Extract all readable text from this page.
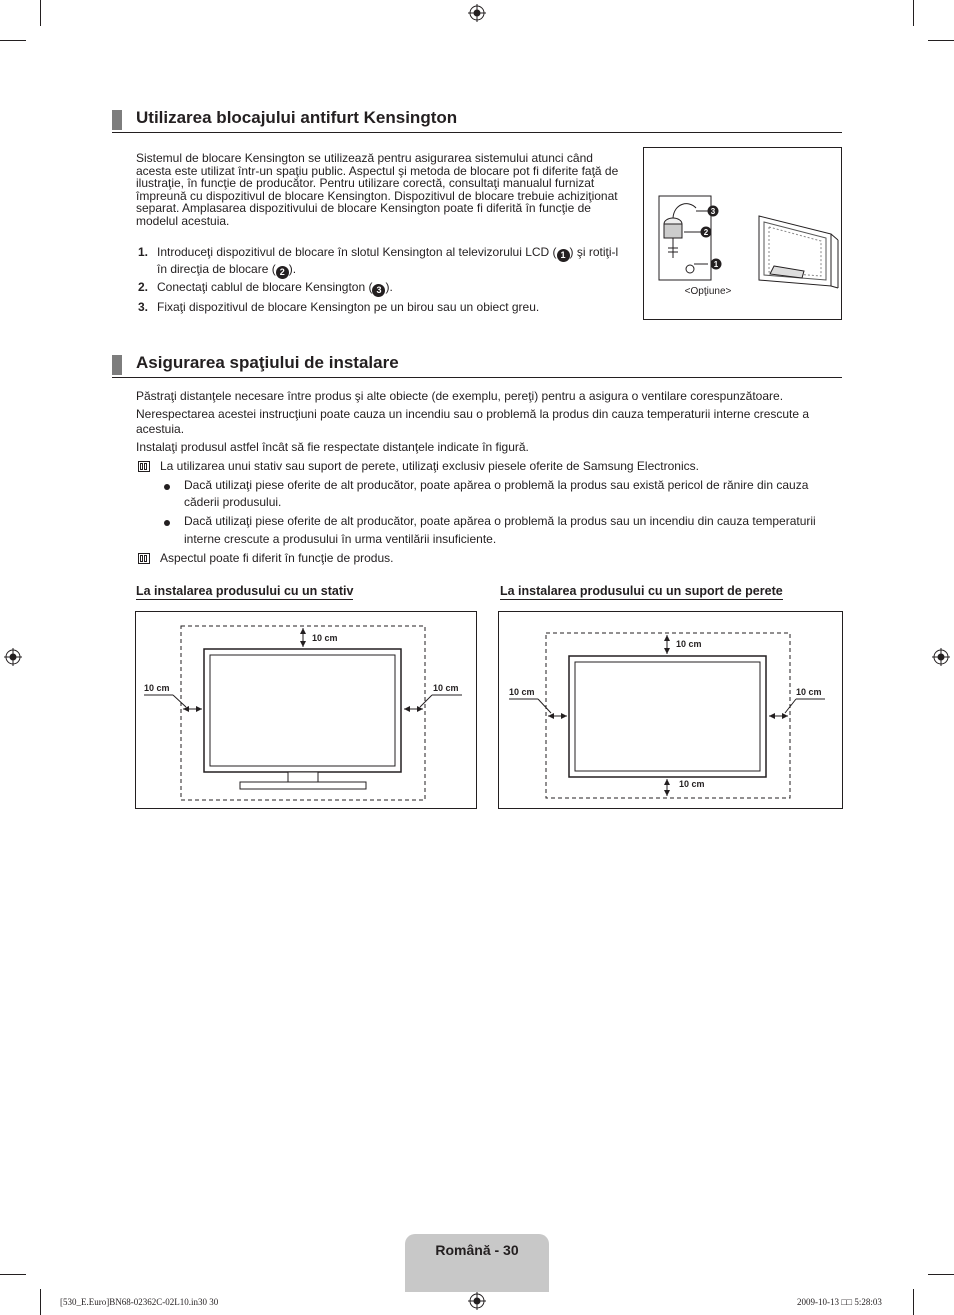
Utilizarea blocajului antifurt Kensington
Sistemul de blocare Kensington se utilizează pentru asigurarea sistemului atunci când acesta este utilizat într-un spaţiu public. Aspectul şi metoda de blocare pot fi diferite faţă de ilustraţie, în funcţie de producător. Pentru utilizare corectă, consultaţi manualul furnizat împreună cu dispozitivul de blocare Kensington. Dispozitivul de blocare trebuie achiziţionat separat. Amplasarea dispozitivului de blocare Kensington poate fi diferită în funcţie de modelul acestuia.
1. Introduceţi dispozitivul de blocare în slotul Kensington al televizorului LCD ( 1 ) şi rotiţi-l
în direcţia de blocare ( 2 ).
2. Conectaţi cablul de blocare Kensington ( 3 ).
3. Fixaţi dispozitivul de blocare Kensington pe un birou sau un obiect greu.
3
2
1
<Opţiune>
Asigurarea spaţiului de instalare
Păstraţi distanţele necesare între produs şi alte obiecte (de exemplu, pereţi) pentru a asigura o ventilare corespunzătoare.
Nerespectarea acestei instrucţiuni poate cauza un incendiu sau o problemă la produs din cauza temperaturii interne crescute a
acestuia.
Instalaţi produsul astfel încât să fie respectate distanţele indicate în figură.
La utilizarea unui stativ sau suport de perete, utilizaţi exclusiv piesele oferite de Samsung Electronics.
Dacă utilizaţi piese oferite de alt producător, poate apărea o problemă la produs sau există pericol de rănire din cauza
căderii produsului.
Dacă utilizaţi piese oferite de alt producător, poate apărea o problemă la produs sau un incendiu din cauza temperaturii
interne crescute a produsului în urma ventilării insuficiente.
Aspectul poate fi diferit în funcţie de produs.
La instalarea produsului cu un stativ	La instalarea produsului cu un suport de perete
10 cm
10 cm	10 cm
10 cm
10 cm	10 cm
10 cm
Română - 30
[530_E.Euro]BN68-02362C-02L10.in30 30	2009-10-13 □□ 5:28:03
